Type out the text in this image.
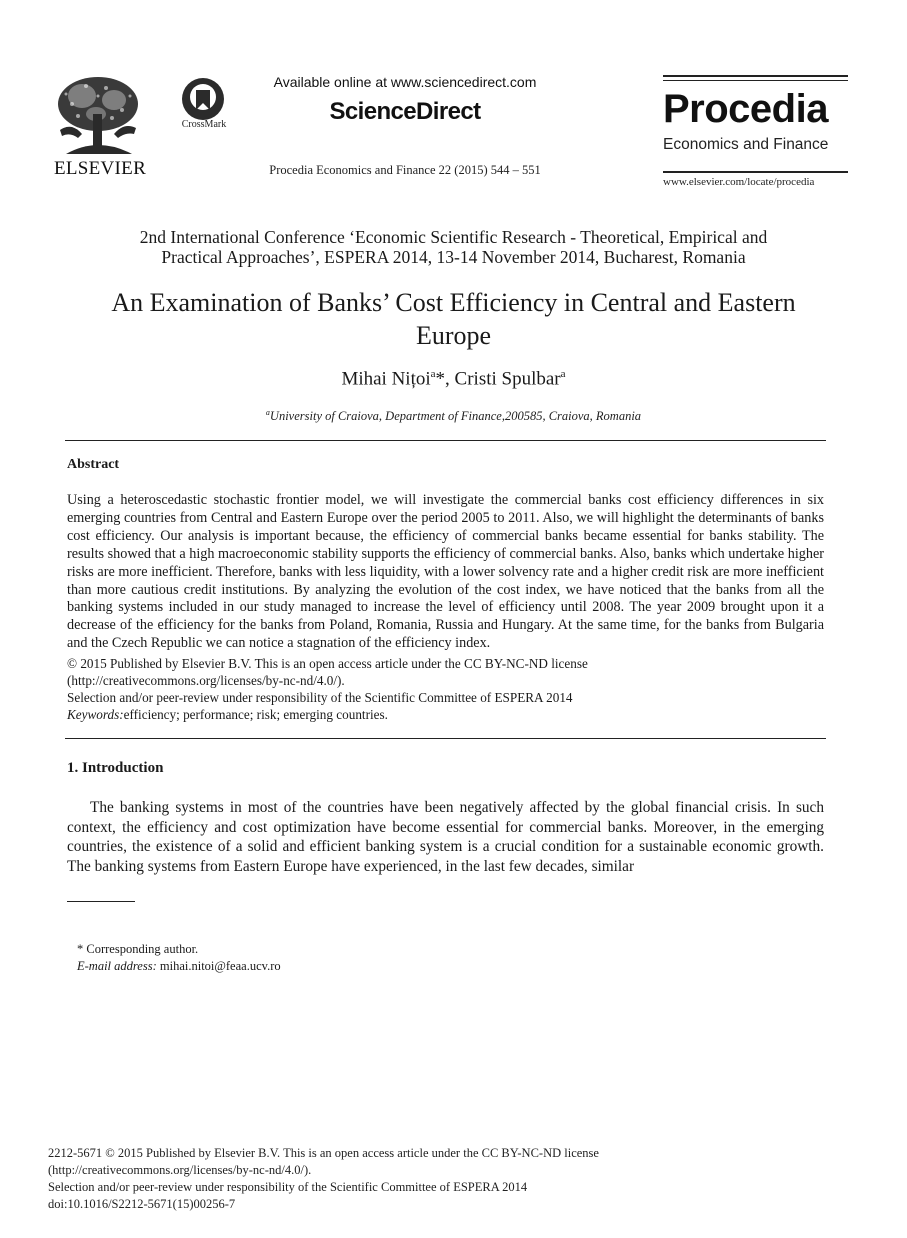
ELSEVIER
CrossMark
Available online at www.sciencedirect.com
ScienceDirect
Procedia Economics and Finance 22 (2015) 544 – 551
Procedia
Economics and Finance
www.elsevier.com/locate/procedia
2nd International Conference ‘Economic Scientific Research - Theoretical, Empirical and
Practical Approaches’, ESPERA 2014, 13-14 November 2014, Bucharest, Romania
An Examination of Banks’ Cost Efficiency in Central and Eastern
Europe
Mihai Nițoi$^a$*, Cristi Spulbar$^a$
$^a$University of Craiova, Department of Finance,200585, Craiova, Romania
Abstract
Using a heteroscedastic stochastic frontier model, we will investigate the commercial banks cost efficiency differences in six emerging countries from Central and Eastern Europe over the period 2005 to 2011. Also, we will highlight the determinants of banks cost efficiency. Our analysis is important because, the efficiency of commercial banks became essential for banks stability. The results showed that a high macroeconomic stability supports the efficiency of commercial banks. Also, banks which undertake higher risks are more inefficient. Therefore, banks with less liquidity, with a lower solvency rate and a higher credit risk are more inefficient than more cautious credit institutions. By analyzing the evolution of the cost index, we have noticed that the banks from all the banking systems included in our study managed to increase the level of efficiency until 2008. The year 2009 brought upon it a decrease of the efficiency for the banks from Poland, Romania, Russia and Hungary. At the same time, for the banks from Bulgaria and the Czech Republic we can notice a stagnation of the efficiency index.
© 2015 Published by Elsevier B.V. This is an open access article under the CC BY-NC-ND license
(http://creativecommons.org/licenses/by-nc-nd/4.0/).
Selection and/or peer-review under responsibility of the Scientific Committee of ESPERA 2014
Keywords:efficiency; performance; risk; emerging countries.
1. Introduction
The banking systems in most of the countries have been negatively affected by the global financial crisis. In such context, the efficiency and cost optimization have become essential for commercial banks. Moreover, in the emerging countries, the existence of a solid and efficient banking system is a crucial condition for a sustainable economic growth. The banking systems from Eastern Europe have experienced, in the last few decades, similar
* Corresponding author.
E-mail address: mihai.nitoi@feaa.ucv.ro
2212-5671 © 2015 Published by Elsevier B.V. This is an open access article under the CC BY-NC-ND license
(http://creativecommons.org/licenses/by-nc-nd/4.0/).
Selection and/or peer-review under responsibility of the Scientific Committee of ESPERA 2014
doi:10.1016/S2212-5671(15)00256-7
